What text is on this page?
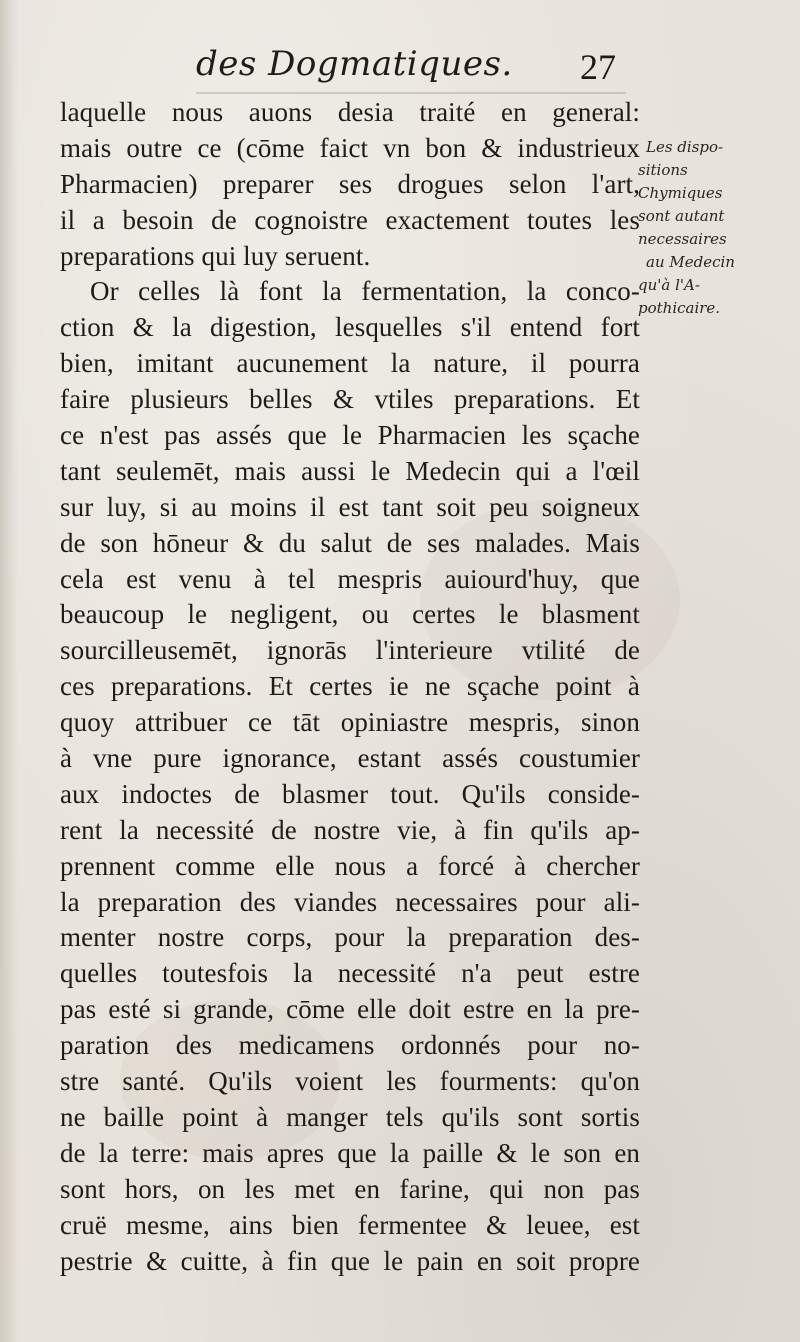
des Dogmatiques. 27
laquelle nous auons desia traité en general:
mais outre ce (cōme faict vn bon & industrieux
Pharmacien) preparer ses drogues selon l'art,
il a besoin de cognoistre exactement toutes les
preparations qui luy seruent.
Or celles là font la fermentation, la conco-
ction & la digestion, lesquelles s'il entend fort
bien, imitant aucunement la nature, il pourra
faire plusieurs belles & vtiles preparations. Et
ce n'est pas assés que le Pharmacien les sçache
tant seulemēt, mais aussi le Medecin qui a l'œil
sur luy, si au moins il est tant soit peu soigneux
de son hōneur & du salut de ses malades. Mais
cela est venu à tel mespris auiourd'huy, que
beaucoup le negligent, ou certes le blasment
sourcilleusemēt, ignorās l'interieure vtilité de
ces preparations. Et certes ie ne sçache point à
quoy attribuer ce tāt opiniastre mespris, sinon
à vne pure ignorance, estant assés coustumier
aux indoctes de blasmer tout. Qu'ils conside-
rent la necessité de nostre vie, à fin qu'ils ap-
prennent comme elle nous a forcé à chercher
la preparation des viandes necessaires pour ali-
menter nostre corps, pour la preparation des-
quelles toutesfois la necessité n'a peut estre
pas esté si grande, cōme elle doit estre en la pre-
paration des medicamens ordonnés pour no-
stre santé. Qu'ils voient les fourments: qu'on
ne baille point à manger tels qu'ils sont sortis
de la terre: mais apres que la paille & le son en
sont hors, on les met en farine, qui non pas
cruë mesme, ains bien fermentee & leuee, est
pestrie & cuitte, à fin que le pain en soit propre
Les dispo-
sitions
Chymiques
sont autant
necessaires
au Medecin
qu'à l'A-
pothicaire.
